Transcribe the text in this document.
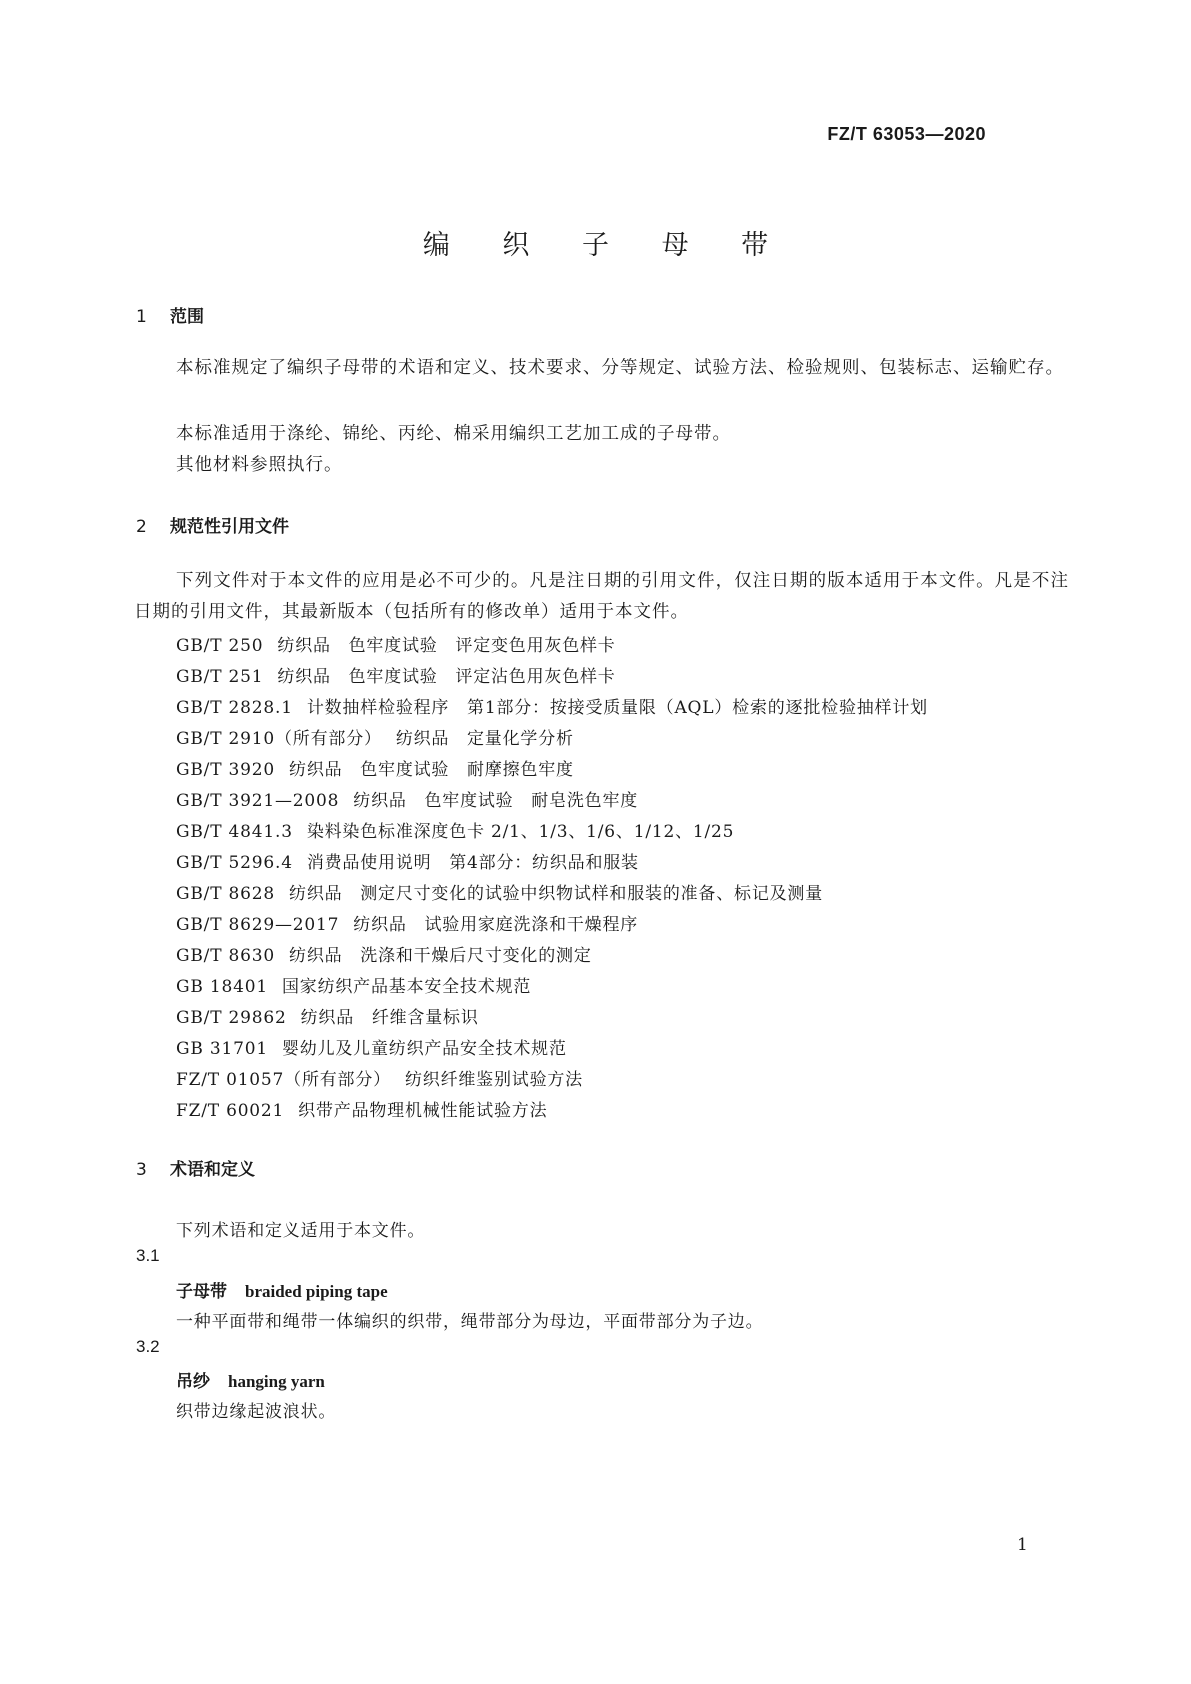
FZ/T 63053—2020
编 织 子 母 带
1 范围
本标准规定了编织子母带的术语和定义、技术要求、分等规定、试验方法、检验规则、包装标志、运输贮存。
本标准适用于涤纶、锦纶、丙纶、棉采用编织工艺加工成的子母带。
其他材料参照执行。
2 规范性引用文件
下列文件对于本文件的应用是必不可少的。凡是注日期的引用文件，仅注日期的版本适用于本文件。凡是不注日期的引用文件，其最新版本（包括所有的修改单）适用于本文件。
GB/T 250 纺织品　色牢度试验　评定变色用灰色样卡
GB/T 251 纺织品　色牢度试验　评定沾色用灰色样卡
GB/T 2828.1 计数抽样检验程序　第1部分：按接受质量限（AQL）检索的逐批检验抽样计划
GB/T 2910（所有部分） 纺织品　定量化学分析
GB/T 3920 纺织品　色牢度试验　耐摩擦色牢度
GB/T 3921—2008 纺织品　色牢度试验　耐皂洗色牢度
GB/T 4841.3 染料染色标准深度色卡 2/1、1/3、1/6、1/12、1/25
GB/T 5296.4 消费品使用说明　第4部分：纺织品和服装
GB/T 8628 纺织品　测定尺寸变化的试验中织物试样和服装的准备、标记及测量
GB/T 8629—2017 纺织品　试验用家庭洗涤和干燥程序
GB/T 8630 纺织品　洗涤和干燥后尺寸变化的测定
GB 18401 国家纺织产品基本安全技术规范
GB/T 29862 纺织品　纤维含量标识
GB 31701 婴幼儿及儿童纺织产品安全技术规范
FZ/T 01057（所有部分） 纺织纤维鉴别试验方法
FZ/T 60021 织带产品物理机械性能试验方法
3 术语和定义
下列术语和定义适用于本文件。
3.1
子母带 braided piping tape
一种平面带和绳带一体编织的织带，绳带部分为母边，平面带部分为子边。
3.2
吊纱 hanging yarn
织带边缘起波浪状。
1
